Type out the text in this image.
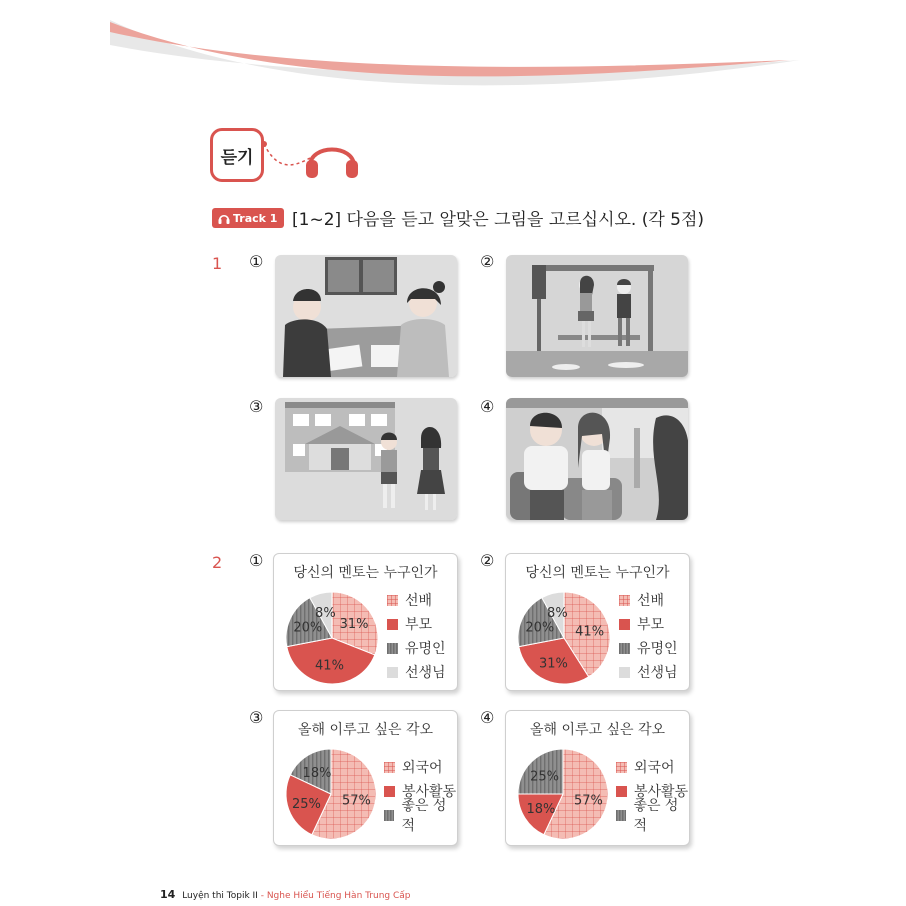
듣기
Track 1 [1~2] 다음을 듣고 알맞은 그림을 고르십시오. (각 5점)
1 ①	②
③	④
2 ①	②
③	④
당신의 멘토는 누구인가
31%
41%
20%
8%
선배
부모
유명인
선생님
당신의 멘토는 누구인가
41%
31%
20%
8%
선배
부모
유명인
선생님
올해 이루고 싶은 각오
57%
25%
18%	외국어
봉사활동
좋은 성적
올해 이루고 싶은 각오
57%
18%
25%
외국어
봉사활동
좋은 성적
14 Luyện thi Topik II - Nghe Hiểu Tiếng Hàn Trung Cấp
